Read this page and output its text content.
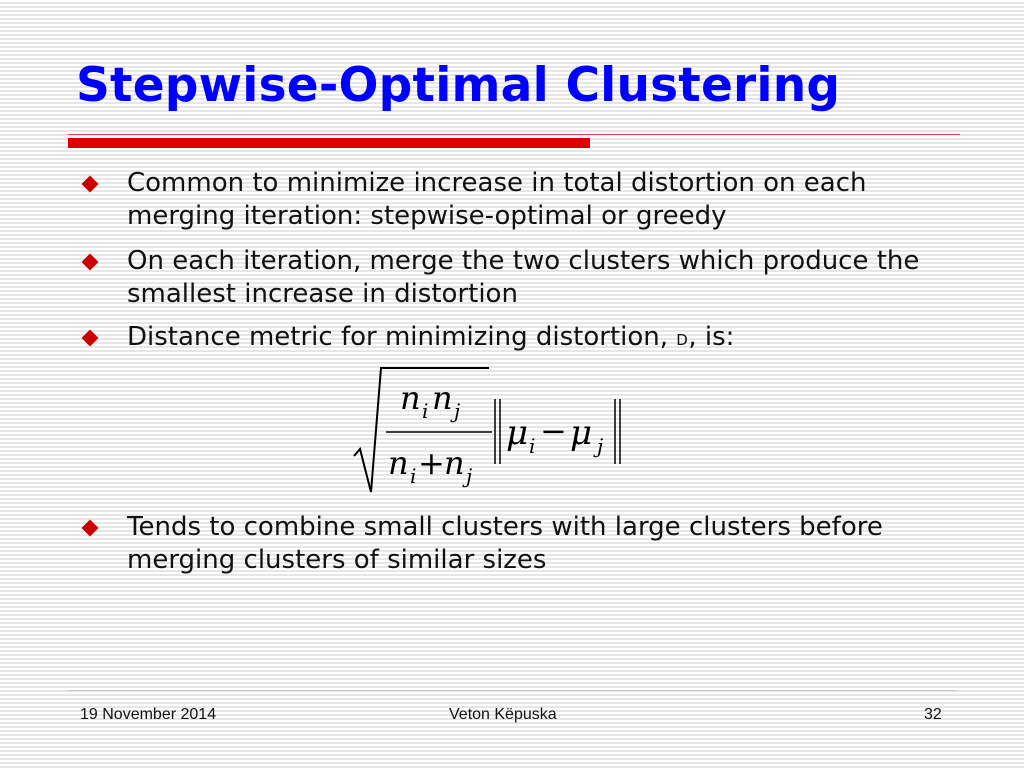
Stepwise-Optimal Clustering
Common to minimize increase in total distortion on each merging iteration: stepwise-optimal or greedy
On each iteration, merge the two clusters which produce the smallest increase in distortion
Distance metric for minimizing distortion, D, is:
n i n j
n i + n j
μ i − μ j
Tends to combine small clusters with large clusters before merging clusters of similar sizes
19 November 2014	Veton Këpuska	32
